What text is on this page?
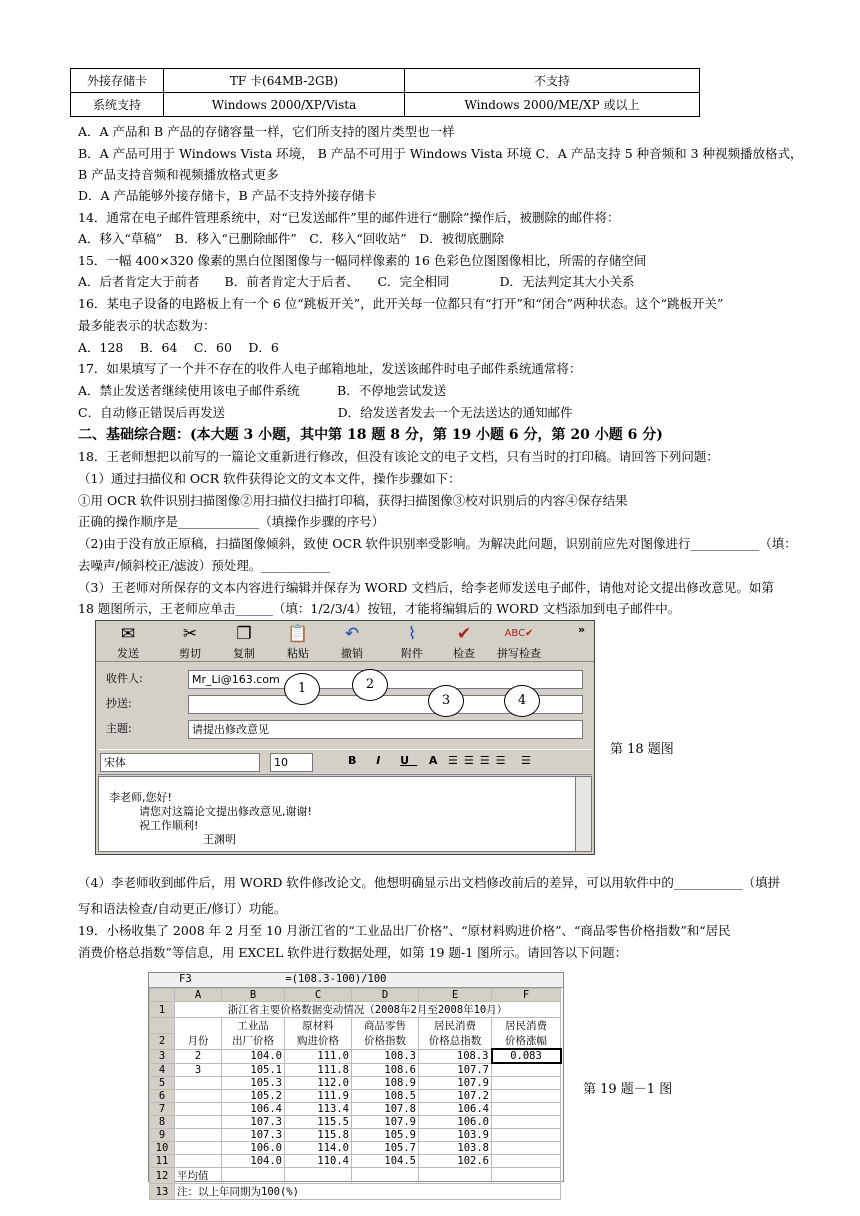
外接存储卡	TF 卡(64MB-2GB)	不支持
系统支持	Windows 2000/XP/Vista	Windows 2000/ME/XP 或以上
A．A 产品和 B 产品的存储容量一样，它们所支持的图片类型也一样
B．A 产品可用于 Windows Vista 环境， B 产品不可用于 Windows Vista 环境 C．A 产品支持 5 种音频和 3 种视频播放格式，
B 产品支持音频和视频播放格式更多
D．A 产品能够外接存储卡，B 产品不支持外接存储卡
14．通常在电子邮件管理系统中，对“已发送邮件”里的邮件进行“删除”操作后，被删除的邮件将：
A．移入“草稿”　B．移入“已删除邮件”　C．移入“回收站”　D．被彻底删除
15．一幅 400×320 像素的黑白位图图像与一幅同样像素的 16 色彩色位图图像相比，所需的存储空间
A．后者肯定大于前者　　B．前者肯定大于后者、　　C．完全相同　　　　D．无法判定其大小关系
16．某电子设备的电路板上有一个 6 位“跳板开关”，此开关每一位都只有“打开”和“闭合”两种状态。这个“跳板开关”
最多能表示的状态数为：
A．128　 B．64　 C．60　 D．6
17．如果填写了一个并不存在的收件人电子邮箱地址，发送该邮件时电子邮件系统通常将：
A．禁止发送者继续使用该电子邮件系统　　　B．不停地尝试发送
C．自动修正错误后再发送　　　　　　　　　D．给发送者发去一个无法送达的通知邮件
二、基础综合题：(本大题 3 小题，其中第 18 题 8 分，第 19 小题 6 分，第 20 小题 6 分)
18．王老师想把以前写的一篇论文重新进行修改，但没有该论文的电子文档，只有当时的打印稿。请回答下列问题：
（1）通过扫描仪和 OCR 软件获得论文的文本文件，操作步骤如下：
①用 OCR 软件识别扫描图像②用扫描仪扫描打印稿，获得扫描图像③校对识别后的内容④保存结果
正确的操作顺序是_____________（填操作步骤的序号）
（2)由于没有放正原稿，扫描图像倾斜，致使 OCR 软件识别率受影响。为解决此问题，识别前应先对图像进行___________（填：
去噪声/倾斜校正/滤波）预处理。___________
（3）王老师对所保存的文本内容进行编辑并保存为 WORD 文档后，给李老师发送电子邮件，请他对论文提出修改意见。如第
18 题图所示，王老师应单击______（填：1/2/3/4）按钮，才能将编辑后的 WORD 文档添加到电子邮件中。
✉
发送
✂
剪切
❐
复制
📋
粘贴
↶
撤销
⌇
附件
✔
检查
ABC✔
拼写检查
»
收件人:	Mr_Li@163.com
抄送:
主题:	请提出修改意见
宋体	10	B I U A ☰☰☰☰ ☰
李老师,您好!
请您对这篇论文提出修改意见,谢谢!
祝工作顺利!
王渊明
1	2
3	4
第 18 题图
（4）李老师收到邮件后，用 WORD 软件修改论文。他想明确显示出文档修改前后的差异，可以用软件中的___________（填拼
写和语法检查/自动更正/修订）功能。
19．小杨收集了 2008 年 2 月至 10 月浙江省的“工业品出厂价格”、“原材料购进价格”、“商品零售价格指数”和“居民
消费价格总指数”等信息，用 EXCEL 软件进行数据处理，如第 19 题-1 图所示。请回答以下问题：
F3	=(108.3-100)/100
	A	B	C	D	E	F
1	浙江省主要价格数据变动情况（2008年2月至2008年10月）					
		工业品	原材料	商品零售	居民消费	居民消费
2	月份	出厂价格	购进价格	价格指数	价格总指数	价格涨幅
3	2	104.0	111.0	108.3	108.3	0.083
4	3	105.1	111.8	108.6	107.7	
5		105.3	112.0	108.9	107.9	
6		105.2	111.9	108.5	107.2	
7		106.4	113.4	107.8	106.4	
8		107.3	115.5	107.9	106.0	
9		107.3	115.8	105.9	103.9	
10		106.0	114.0	105.7	103.8	
11		104.0	110.4	104.5	102.6	
12	平均值					
13	注：以上年同期为100(%)					
第 19 题－1 图
